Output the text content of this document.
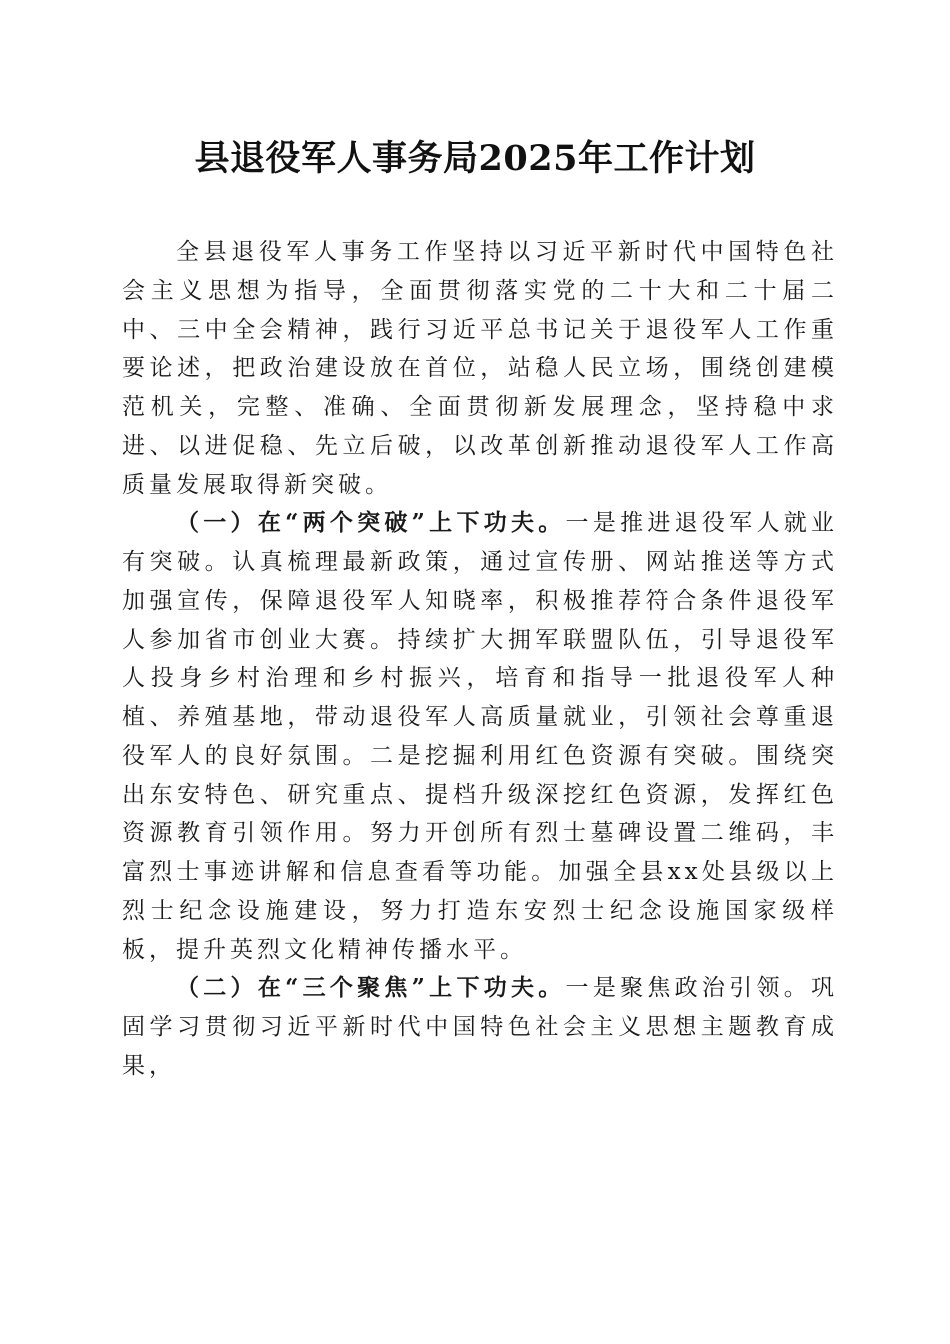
县退役军人事务局2025年工作计划

全县退役军人事务工作坚持以习近平新时代中国特色社会主义思想为指导，全面贯彻落实党的二十大和二十届二中、三中全会精神，践行习近平总书记关于退役军人工作重要论述，把政治建设放在首位，站稳人民立场，围绕创建模范机关，完整、准确、全面贯彻新发展理念，坚持稳中求进、以进促稳、先立后破，以改革创新推动退役军人工作高质量发展取得新突破。

（一）在“两个突破”上下功夫。一是推进退役军人就业有突破。认真梳理最新政策，通过宣传册、网站推送等方式加强宣传，保障退役军人知晓率，积极推荐符合条件退役军人参加省市创业大赛。持续扩大拥军联盟队伍，引导退役军人投身乡村治理和乡村振兴，培育和指导一批退役军人种植、养殖基地，带动退役军人高质量就业，引领社会尊重退役军人的良好氛围。二是挖掘利用红色资源有突破。围绕突出东安特色、研究重点、提档升级深挖红色资源，发挥红色资源教育引领作用。努力开创所有烈士墓碑设置二维码，丰富烈士事迹讲解和信息查看等功能。加强全县xx处县级以上烈士纪念设施建设，努力打造东安烈士纪念设施国家级样板，提升英烈文化精神传播水平。

（二）在“三个聚焦”上下功夫。一是聚焦政治引领。巩固学习贯彻习近平新时代中国特色社会主义思想主题教育成果，
